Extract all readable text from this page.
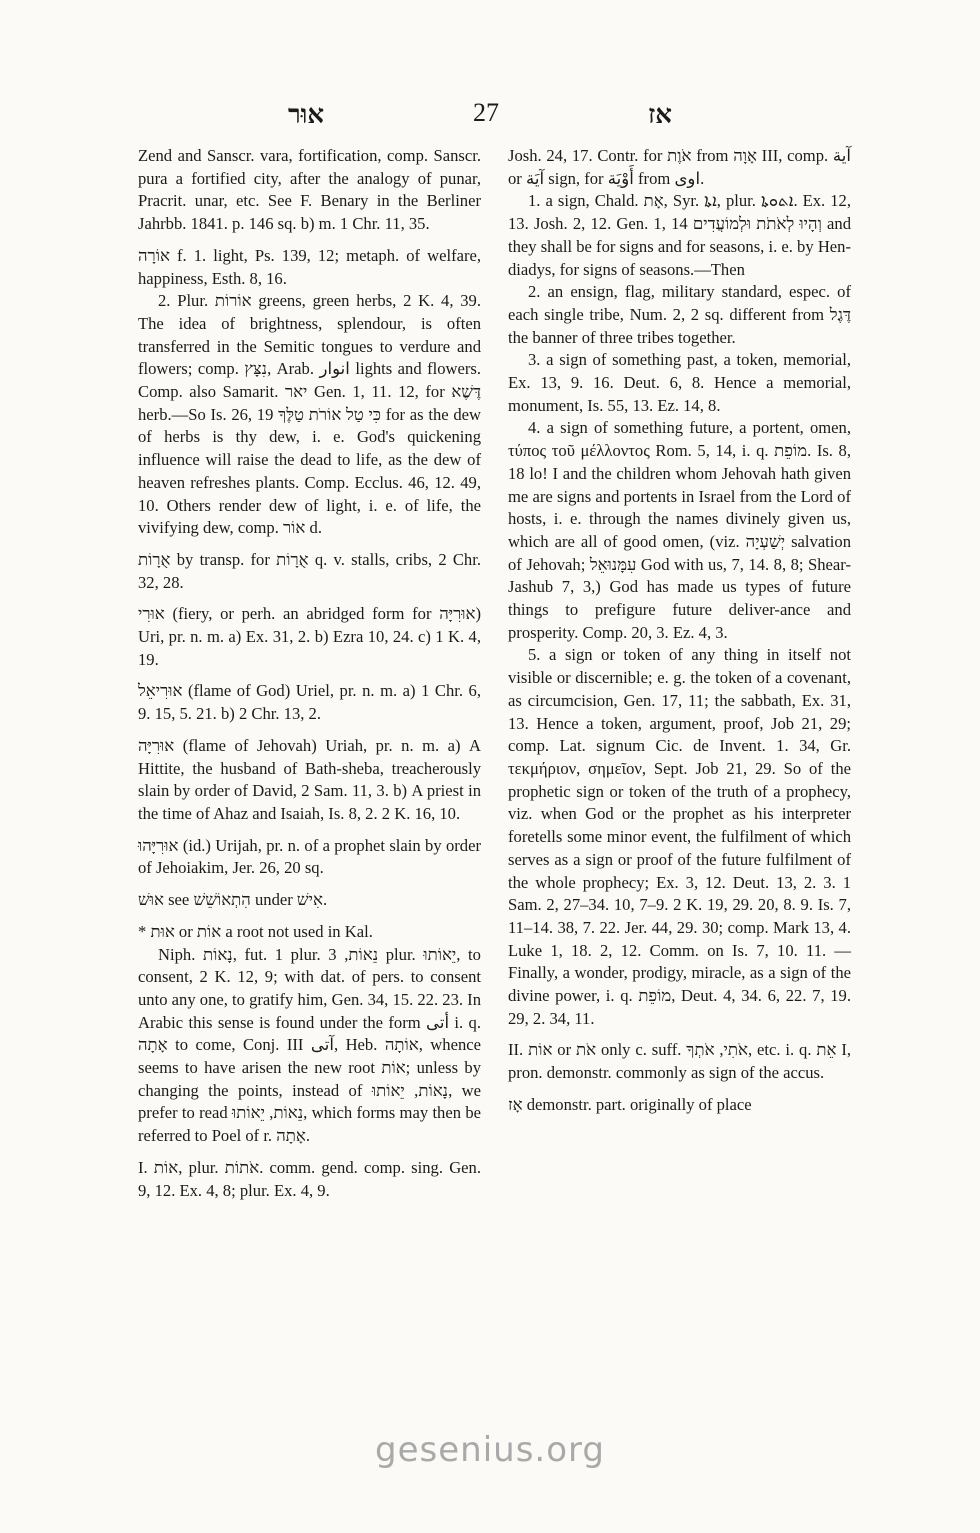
אוּר	27	אז

Zend and Sanscr. vara, fortification, comp. Sanscr. pura a fortified city, after the analogy of punar, Pracrit. unar, etc. See F. Benary in the Berliner Jahrbb. 1841. p. 146 sq. b) m. 1 Chr. 11, 35.

אוֹרָה f. 1. light, Ps. 139, 12; metaph. of welfare, happiness, Esth. 8, 16.

2. Plur. אוֹרוֹת greens, green herbs, 2 K. 4, 39. The idea of brightness, splendour, is often transferred in the Semitic tongues to verdure and flowers; comp. נִצָּץ, Arab. انوار lights and flowers. Comp. also Samarit. יאר Gen. 1, 11. 12, for דֶּשֶׁא herb.—So Is. 26, 19 כִּי טַל אוֹרֹת טַלֶּךָ for as the dew of herbs is thy dew, i. e. God's quickening influence will raise the dead to life, as the dew of heaven refreshes plants. Comp. Ecclus. 46, 12. 49, 10. Others render dew of light, i. e. of life, the vivifying dew, comp. אוֹר d.

אֻרָוֹת by transp. for אֻרָוֹת q. v. stalls, cribs, 2 Chr. 32, 28.

אוּרִי (fiery, or perh. an abridged form for אוּרִיָּה) Uri, pr. n. m. a) Ex. 31, 2. b) Ezra 10, 24. c) 1 K. 4, 19.

אוּרִיאֵל (flame of God) Uriel, pr. n. m. a) 1 Chr. 6, 9. 15, 5. 21. b) 2 Chr. 13, 2.

אוּרִיָּה (flame of Jehovah) Uriah, pr. n. m. a) A Hittite, the husband of Bath-sheba, treacherously slain by order of David, 2 Sam. 11, 3. b) A priest in the time of Ahaz and Isaiah, Is. 8, 2. 2 K. 16, 10.

אוּרִיָּהוּ (id.) Urijah, pr. n. of a prophet slain by order of Jehoiakim, Jer. 26, 20 sq.

אוּשׁ see הִתְאוֹשֵׁשׁ under אִישׁ.

* אוּת or אוֹת a root not used in Kal.

Niph. נָאוֹת, fut. 1 plur. נֵאוֹת, 3 plur. יֵאוֹתוּ, to consent, 2 K. 12, 9; with dat. of pers. to consent unto any one, to gratify him, Gen. 34, 15. 22. 23. In Arabic this sense is found under the form أتى i. q. אָתָה to come, Conj. III آتى, Heb. אוֹתָה, whence seems to have arisen the new root אוֹת; unless by changing the points, instead of נָאוֹת, יֵאוֹתוּ, we prefer to read נֵאוֹת, יֵאוֹתוּ, which forms may then be referred to Poel of r. אָתָה.

I. אוֹת, plur. אֹתוֹת. comm. gend. comp. sing. Gen. 9, 12. Ex. 4, 8; plur. Ex. 4, 9.

Josh. 24, 17. Contr. for אֹוֶת from אָוָה III, comp. آية or آيَة sign, for أَوْيَة from اوى.

1. a sign, Chald. אָת, Syr. ܐܬܐ, plur. ܐܬܘܬܐ. Ex. 12, 13. Josh. 2, 12. Gen. 1, 14 וְהָיוּ לְאֹתֹת וּלְמוֹעֲדִים and they shall be for signs and for seasons, i. e. by Hen-diadys, for signs of seasons.—Then

2. an ensign, flag, military standard, espec. of each single tribe, Num. 2, 2 sq. different from דֶּגֶל the banner of three tribes together.

3. a sign of something past, a token, memorial, Ex. 13, 9. 16. Deut. 6, 8. Hence a memorial, monument, Is. 55, 13. Ez. 14, 8.

4. a sign of something future, a portent, omen, τύπος τοῦ μέλλοντος Rom. 5, 14, i. q. מוֹפֵת. Is. 8, 18 lo! I and the children whom Jehovah hath given me are signs and portents in Israel from the Lord of hosts, i. e. through the names divinely given us, which are all of good omen, (viz. יְשַׁעְיָה salvation of Jehovah; עִמָּנוּאֵל God with us, 7, 14. 8, 8; Shear-Jashub 7, 3,) God has made us types of future things to prefigure future deliver-ance and prosperity. Comp. 20, 3. Ez. 4, 3.

5. a sign or token of any thing in itself not visible or discernible; e. g. the token of a covenant, as circumcision, Gen. 17, 11; the sabbath, Ex. 31, 13. Hence a token, argument, proof, Job 21, 29; comp. Lat. signum Cic. de Invent. 1. 34, Gr. τεκμήριον, σημεῖον, Sept. Job 21, 29. So of the prophetic sign or token of the truth of a prophecy, viz. when God or the prophet as his interpreter foretells some minor event, the fulfilment of which serves as a sign or proof of the future fulfilment of the whole prophecy; Ex. 3, 12. Deut. 13, 2. 3. 1 Sam. 2, 27–34. 10, 7–9. 2 K. 19, 29. 20, 8. 9. Is. 7, 11–14. 38, 7. 22. Jer. 44, 29. 30; comp. Mark 13, 4. Luke 1, 18. 2, 12. Comm. on Is. 7, 10. 11. —Finally, a wonder, prodigy, miracle, as a sign of the divine power, i. q. מוֹפֵת, Deut. 4, 34. 6, 22. 7, 19. 29, 2. 34, 11.

II. אוֹת or אֹת only c. suff. אֹתִי, אֹתְךָ, etc. i. q. אֵת I, pron. demonstr. commonly as sign of the accus.

אָז demonstr. part. originally of place

gesenius.org
